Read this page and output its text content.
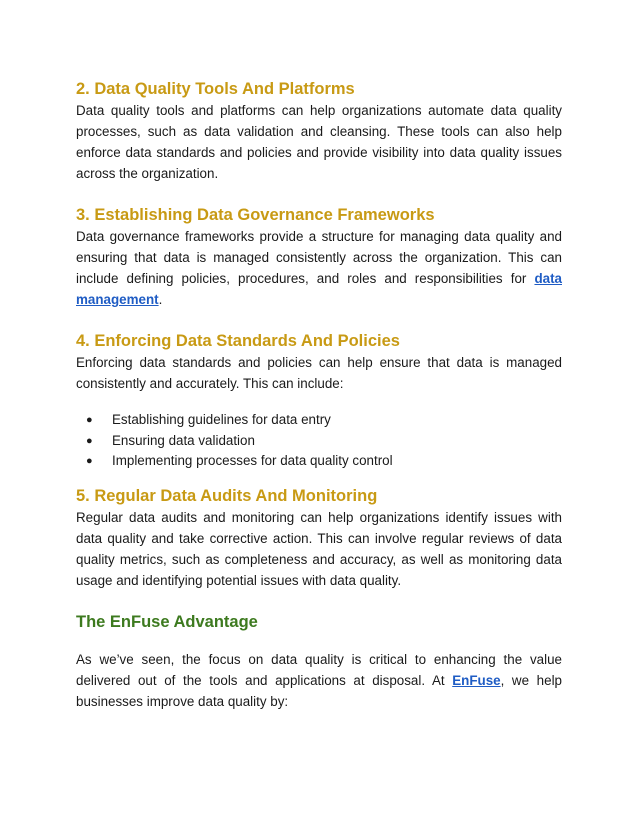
2. Data Quality Tools And Platforms

Data quality tools and platforms can help organizations automate data quality processes, such as data validation and cleansing. These tools can also help enforce data standards and policies and provide visibility into data quality issues across the organization.

3. Establishing Data Governance Frameworks

Data governance frameworks provide a structure for managing data quality and ensuring that data is managed consistently across the organization. This can include defining policies, procedures, and roles and responsibilities for data management.

4. Enforcing Data Standards And Policies

Enforcing data standards and policies can help ensure that data is managed consistently and accurately. This can include:

● Establishing guidelines for data entry
● Ensuring data validation
● Implementing processes for data quality control
5. Regular Data Audits And Monitoring

Regular data audits and monitoring can help organizations identify issues with data quality and take corrective action. This can involve regular reviews of data quality metrics, such as completeness and accuracy, as well as monitoring data usage and identifying potential issues with data quality.

The EnFuse Advantage

As we’ve seen, the focus on data quality is critical to enhancing the value delivered out of the tools and applications at disposal. At EnFuse, we help businesses improve data quality by:
